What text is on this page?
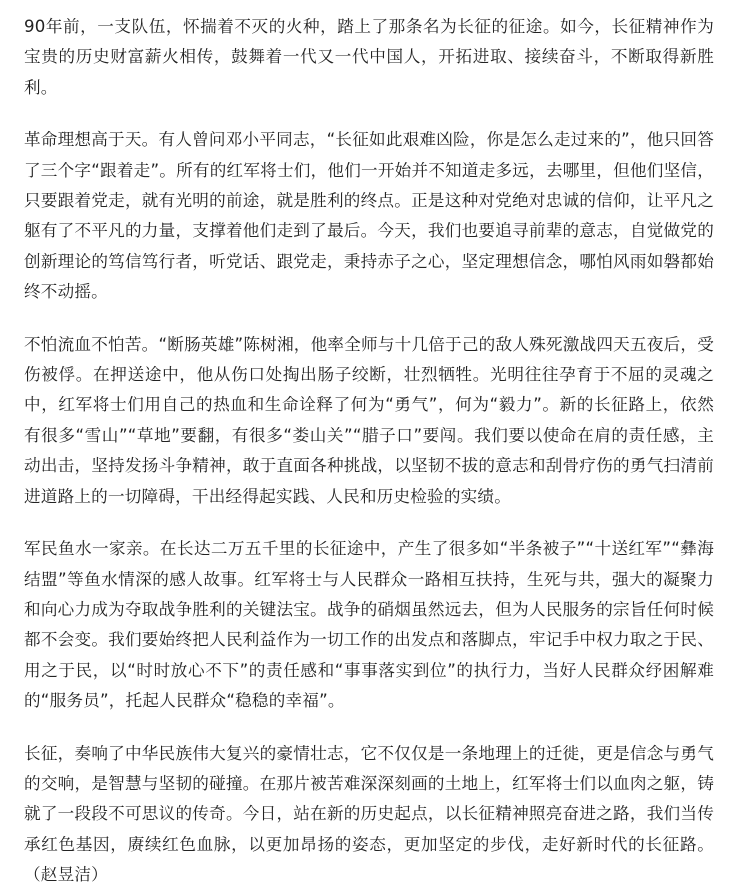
90年前，一支队伍，怀揣着不灭的火种，踏上了那条名为长征的征途。如今，长征精神作为宝贵的历史财富薪火相传，鼓舞着一代又一代中国人，开拓进取、接续奋斗，不断取得新胜利。

革命理想高于天。有人曾问邓小平同志，“长征如此艰难凶险，你是怎么走过来的”，他只回答了三个字“跟着走”。所有的红军将士们，他们一开始并不知道走多远，去哪里，但他们坚信，只要跟着党走，就有光明的前途，就是胜利的终点。正是这种对党绝对忠诚的信仰，让平凡之躯有了不平凡的力量，支撑着他们走到了最后。今天，我们也要追寻前辈的意志，自觉做党的创新理论的笃信笃行者，听党话、跟党走，秉持赤子之心，坚定理想信念，哪怕风雨如磐都始终不动摇。

不怕流血不怕苦。“断肠英雄”陈树湘，他率全师与十几倍于己的敌人殊死激战四天五夜后，受伤被俘。在押送途中，他从伤口处掏出肠子绞断，壮烈牺牲。光明往往孕育于不屈的灵魂之中，红军将士们用自己的热血和生命诠释了何为“勇气”，何为“毅力”。新的长征路上，依然有很多“雪山”“草地”要翻，有很多“娄山关”“腊子口”要闯。我们要以使命在肩的责任感，主动出击，坚持发扬斗争精神，敢于直面各种挑战，以坚韧不拔的意志和刮骨疗伤的勇气扫清前进道路上的一切障碍，干出经得起实践、人民和历史检验的实绩。

军民鱼水一家亲。在长达二万五千里的长征途中，产生了很多如“半条被子”“十送红军”“彝海结盟”等鱼水情深的感人故事。红军将士与人民群众一路相互扶持，生死与共，强大的凝聚力和向心力成为夺取战争胜利的关键法宝。战争的硝烟虽然远去，但为人民服务的宗旨任何时候都不会变。我们要始终把人民利益作为一切工作的出发点和落脚点，牢记手中权力取之于民、用之于民，以“时时放心不下”的责任感和“事事落实到位”的执行力，当好人民群众纾困解难的“服务员”，托起人民群众“稳稳的幸福”。

长征，奏响了中华民族伟大复兴的豪情壮志，它不仅仅是一条地理上的迁徙，更是信念与勇气的交响，是智慧与坚韧的碰撞。在那片被苦难深深刻画的土地上，红军将士们以血肉之躯，铸就了一段段不可思议的传奇。今日，站在新的历史起点，以长征精神照亮奋进之路，我们当传承红色基因，赓续红色血脉，以更加昂扬的姿态，更加坚定的步伐，走好新时代的长征路。（赵昱洁）
